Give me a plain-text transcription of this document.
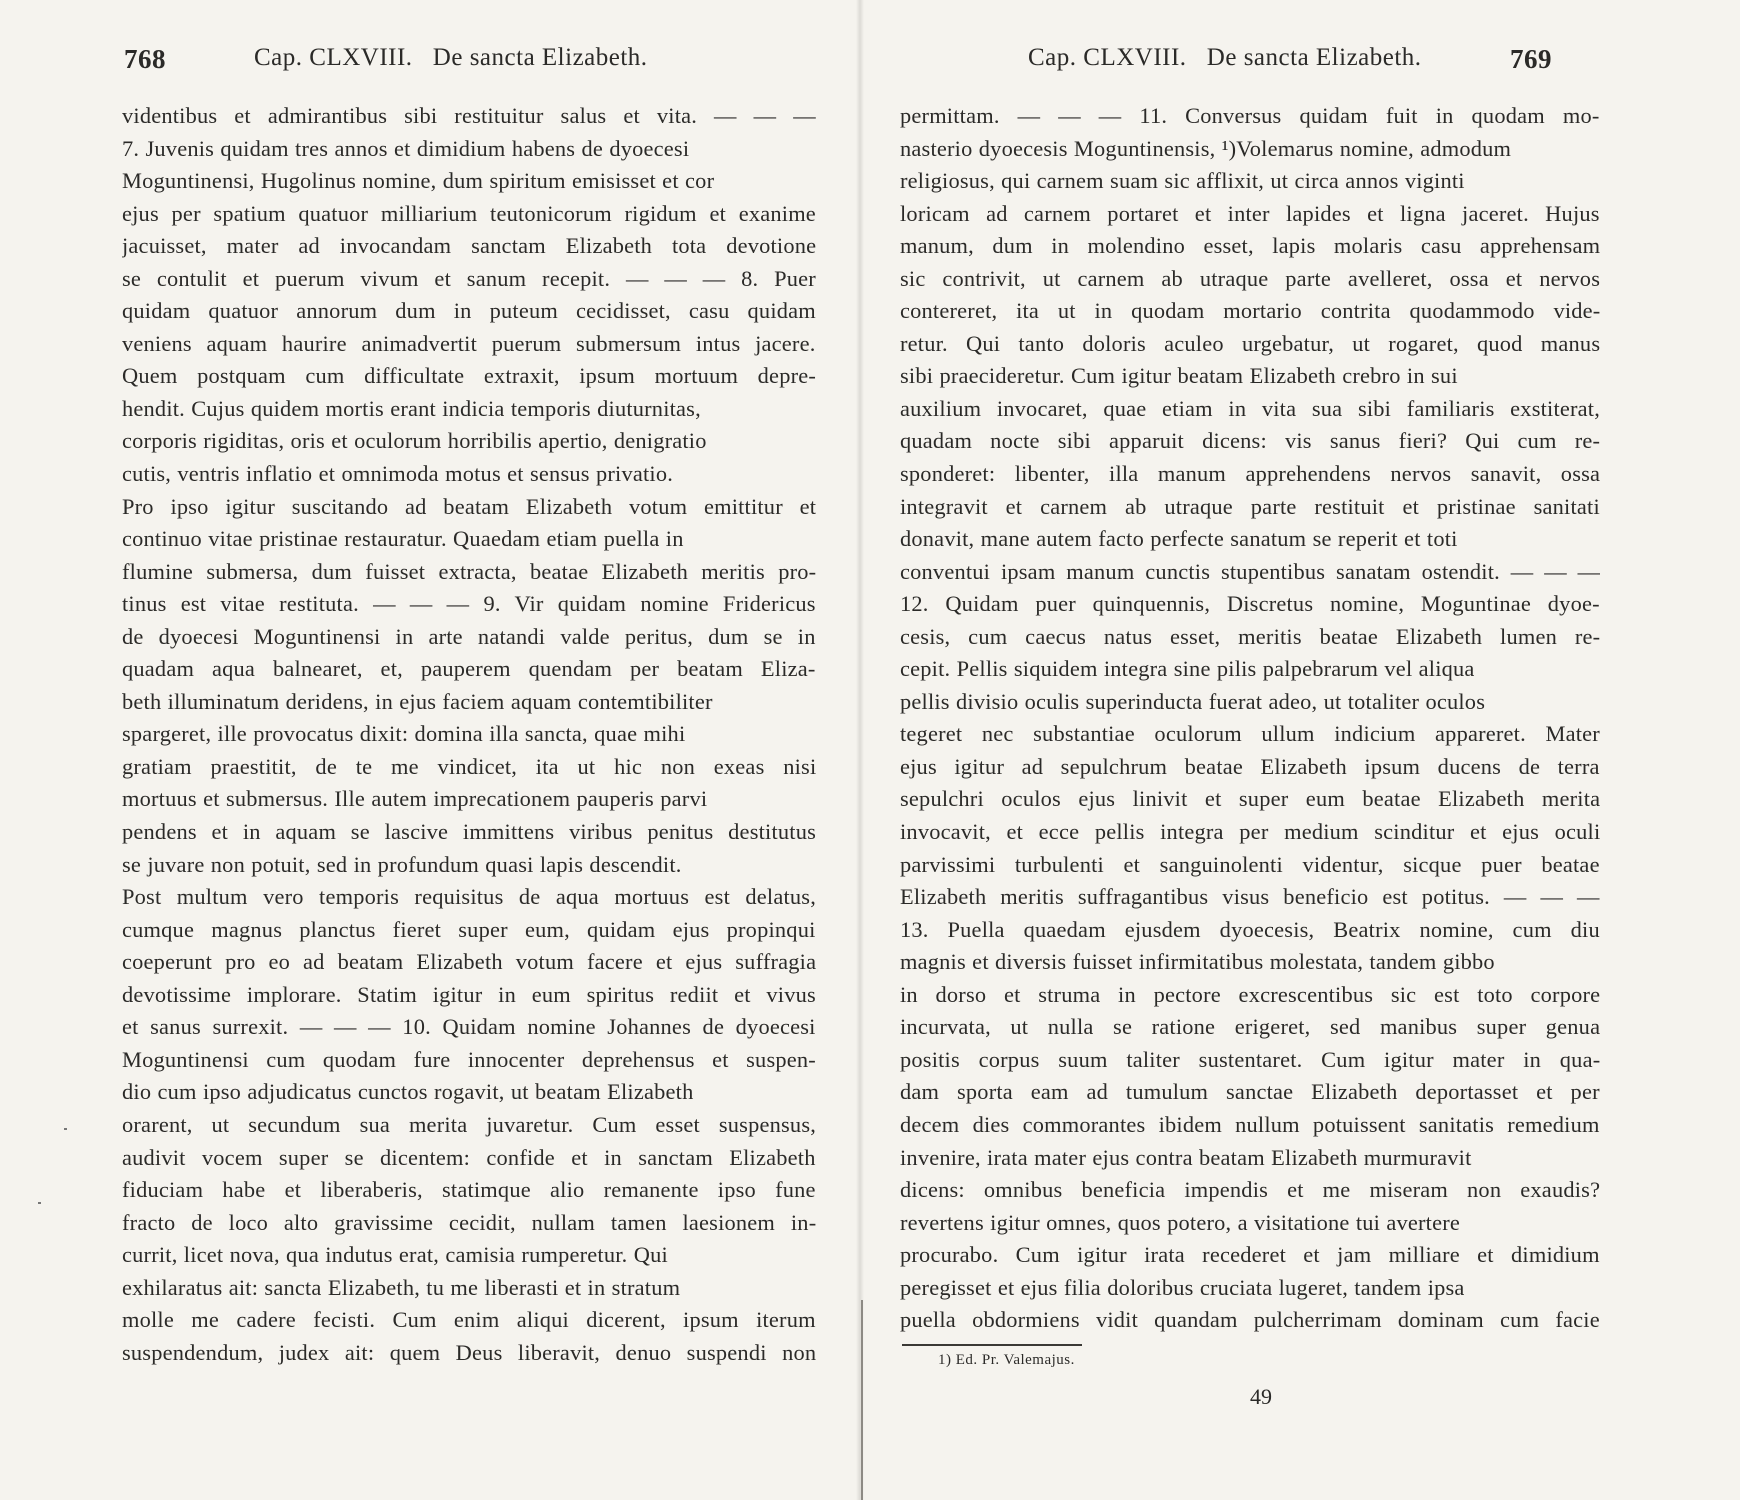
768	Cap. CLXVIII.   De sancta Elizabeth.
videntibus et admirantibus sibi restituitur salus et vita. — — —
7. Juvenis quidam tres annos et dimidium habens de dyoecesi
Moguntinensi, Hugolinus nomine, dum spiritum emisisset et cor
ejus per spatium quatuor milliarium teutonicorum rigidum et exanime
jacuisset, mater ad invocandam sanctam Elizabeth tota devotione
se contulit et puerum vivum et sanum recepit. — — — 8. Puer
quidam quatuor annorum dum in puteum cecidisset, casu quidam
veniens aquam haurire animadvertit puerum submersum intus jacere.
Quem postquam cum difficultate extraxit, ipsum mortuum depre-
hendit. Cujus quidem mortis erant indicia temporis diuturnitas,
corporis rigiditas, oris et oculorum horribilis apertio, denigratio
cutis, ventris inflatio et omnimoda motus et sensus privatio.
Pro ipso igitur suscitando ad beatam Elizabeth votum emittitur et
continuo vitae pristinae restauratur. Quaedam etiam puella in
flumine submersa, dum fuisset extracta, beatae Elizabeth meritis pro-
tinus est vitae restituta. — — — 9. Vir quidam nomine Fridericus
de dyoecesi Moguntinensi in arte natandi valde peritus, dum se in
quadam aqua balnearet, et, pauperem quendam per beatam Eliza-
beth illuminatum deridens, in ejus faciem aquam contemtibiliter
spargeret, ille provocatus dixit: domina illa sancta, quae mihi
gratiam praestitit, de te me vindicet, ita ut hic non exeas nisi
mortuus et submersus. Ille autem imprecationem pauperis parvi
pendens et in aquam se lascive immittens viribus penitus destitutus
se juvare non potuit, sed in profundum quasi lapis descendit.
Post multum vero temporis requisitus de aqua mortuus est delatus,
cumque magnus planctus fieret super eum, quidam ejus propinqui
coeperunt pro eo ad beatam Elizabeth votum facere et ejus suffragia
devotissime implorare. Statim igitur in eum spiritus rediit et vivus
et sanus surrexit. — — — 10. Quidam nomine Johannes de dyoecesi
Moguntinensi cum quodam fure innocenter deprehensus et suspen-
dio cum ipso adjudicatus cunctos rogavit, ut beatam Elizabeth
orarent, ut secundum sua merita juvaretur. Cum esset suspensus,
audivit vocem super se dicentem: confide et in sanctam Elizabeth
fiduciam habe et liberaberis, statimque alio remanente ipso fune
fracto de loco alto gravissime cecidit, nullam tamen laesionem in-
currit, licet nova, qua indutus erat, camisia rumperetur. Qui
exhilaratus ait: sancta Elizabeth, tu me liberasti et in stratum
molle me cadere fecisti. Cum enim aliqui dicerent, ipsum iterum
suspendendum, judex ait: quem Deus liberavit, denuo suspendi non
Cap. CLXVIII.   De sancta Elizabeth.	769
permittam. — — — 11. Conversus quidam fuit in quodam mo-
nasterio dyoecesis Moguntinensis, ¹)Volemarus nomine, admodum
religiosus, qui carnem suam sic afflixit, ut circa annos viginti
loricam ad carnem portaret et inter lapides et ligna jaceret. Hujus
manum, dum in molendino esset, lapis molaris casu apprehensam
sic contrivit, ut carnem ab utraque parte avelleret, ossa et nervos
contereret, ita ut in quodam mortario contrita quodammodo vide-
retur. Qui tanto doloris aculeo urgebatur, ut rogaret, quod manus
sibi praecideretur. Cum igitur beatam Elizabeth crebro in sui
auxilium invocaret, quae etiam in vita sua sibi familiaris exstiterat,
quadam nocte sibi apparuit dicens: vis sanus fieri? Qui cum re-
sponderet: libenter, illa manum apprehendens nervos sanavit, ossa
integravit et carnem ab utraque parte restituit et pristinae sanitati
donavit, mane autem facto perfecte sanatum se reperit et toti
conventui ipsam manum cunctis stupentibus sanatam ostendit. — — —
12. Quidam puer quinquennis, Discretus nomine, Moguntinae dyoe-
cesis, cum caecus natus esset, meritis beatae Elizabeth lumen re-
cepit. Pellis siquidem integra sine pilis palpebrarum vel aliqua
pellis divisio oculis superinducta fuerat adeo, ut totaliter oculos
tegeret nec substantiae oculorum ullum indicium appareret. Mater
ejus igitur ad sepulchrum beatae Elizabeth ipsum ducens de terra
sepulchri oculos ejus linivit et super eum beatae Elizabeth merita
invocavit, et ecce pellis integra per medium scinditur et ejus oculi
parvissimi turbulenti et sanguinolenti videntur, sicque puer beatae
Elizabeth meritis suffragantibus visus beneficio est potitus. — — —
13. Puella quaedam ejusdem dyoecesis, Beatrix nomine, cum diu
magnis et diversis fuisset infirmitatibus molestata, tandem gibbo
in dorso et struma in pectore excrescentibus sic est toto corpore
incurvata, ut nulla se ratione erigeret, sed manibus super genua
positis corpus suum taliter sustentaret. Cum igitur mater in qua-
dam sporta eam ad tumulum sanctae Elizabeth deportasset et per
decem dies commorantes ibidem nullum potuissent sanitatis remedium
invenire, irata mater ejus contra beatam Elizabeth murmuravit
dicens: omnibus beneficia impendis et me miseram non exaudis?
revertens igitur omnes, quos potero, a visitatione tui avertere
procurabo. Cum igitur irata recederet et jam milliare et dimidium
peregisset et ejus filia doloribus cruciata lugeret, tandem ipsa
puella obdormiens vidit quandam pulcherrimam dominam cum facie
1) Ed. Pr. Valemajus.
49
